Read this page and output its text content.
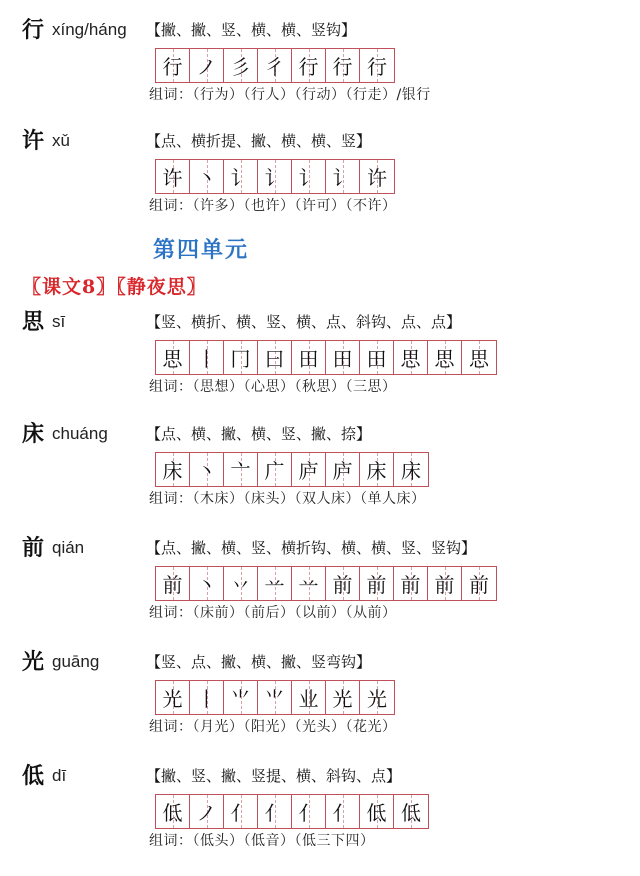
行 xíng/háng 【撇、撇、竖、横、横、竖钩】
行 ノ 彡 彳 行 行 行
组词：（行为）（行人）（行动）（行走）/银行
许 xǔ	【点、横折提、撇、横、横、竖】
许 丶 讠 讠 讠 讠 许
组词：（许多）（也许）（许可）（不许）
第四单元
〖课文8〗〖静夜思〗
思 sī	【竖、横折、横、竖、横、点、斜钩、点、点】
思 丨 冂 曰 田 田 田 思 思 思
组词：（思想）（心思）（秋思）（三思）
床 chuáng	【点、横、撇、横、竖、撇、捺】
床 丶 亠 广 庐 庐 床 床
组词：（木床）（床头）（双人床）（单人床）
前 qián	【点、撇、横、竖、横折钩、横、横、竖、竖钩】
前 丶 丷 䒑 䒑 前 前 前 前 前
组词：（床前）（前后）（以前）（从前）
光 guāng	【竖、点、撇、横、撇、竖弯钩】
光 丨 ⺌ ⺌ 业 光 光
组词：（月光）（阳光）（光头）（花光）
低 dī	【撇、竖、撇、竖提、横、斜钩、点】
低 ノ 亻 亻 亻 亻 低 低
组词：（低头）（低音）（低三下四）
